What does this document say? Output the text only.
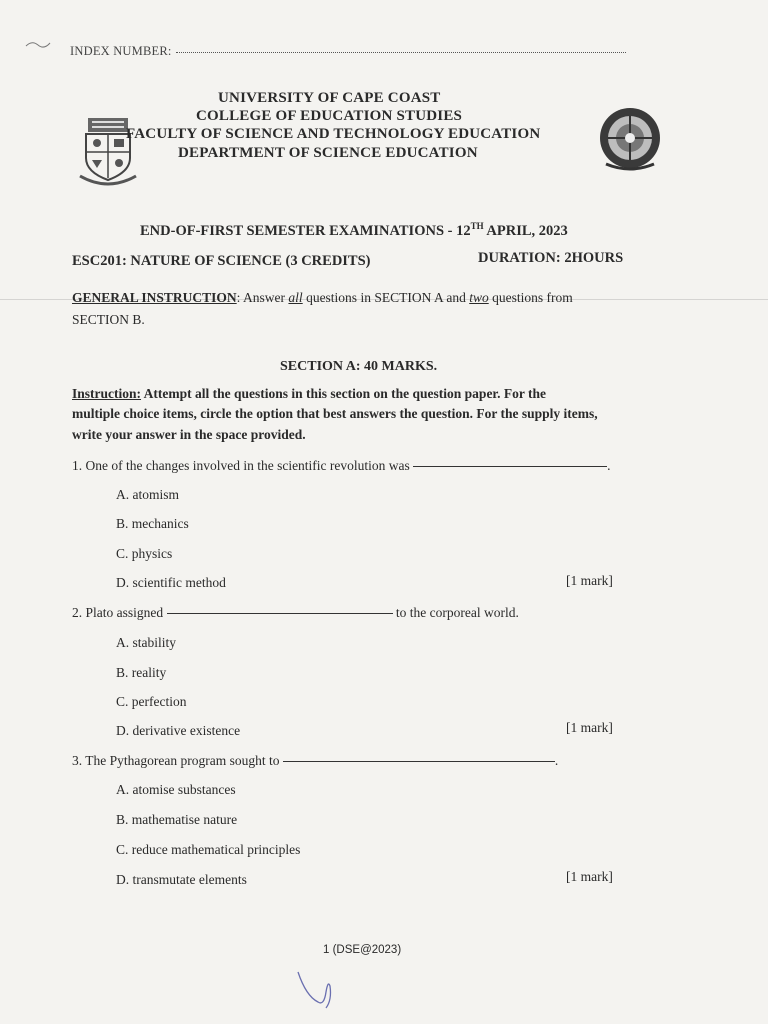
INDEX NUMBER:
UNIVERSITY OF CAPE COAST
COLLEGE OF EDUCATION STUDIES
FACULTY OF SCIENCE AND TECHNOLOGY EDUCATION
DEPARTMENT OF SCIENCE EDUCATION
END-OF-FIRST SEMESTER EXAMINATIONS - 12TH APRIL, 2023
ESC201: NATURE OF SCIENCE (3 CREDITS)	DURATION: 2HOURS
GENERAL INSTRUCTION: Answer all questions in SECTION A and two questions from
SECTION B.
SECTION A: 40 MARKS.
Instruction: Attempt all the questions in this section on the question paper. For the
multiple choice items, circle the option that best answers the question. For the supply items,
write your answer in the space provided.
1. One of the changes involved in the scientific revolution was	.
A. atomism
B. mechanics
C. physics
D. scientific method	[1 mark]
2. Plato assigned	to the corporeal world.
A. stability
B. reality
C. perfection
D. derivative existence	[1 mark]
3. The Pythagorean program sought to	.
A. atomise substances
B. mathematise nature
C. reduce mathematical principles
D. transmutate elements	[1 mark]
1 (DSE@2023)
